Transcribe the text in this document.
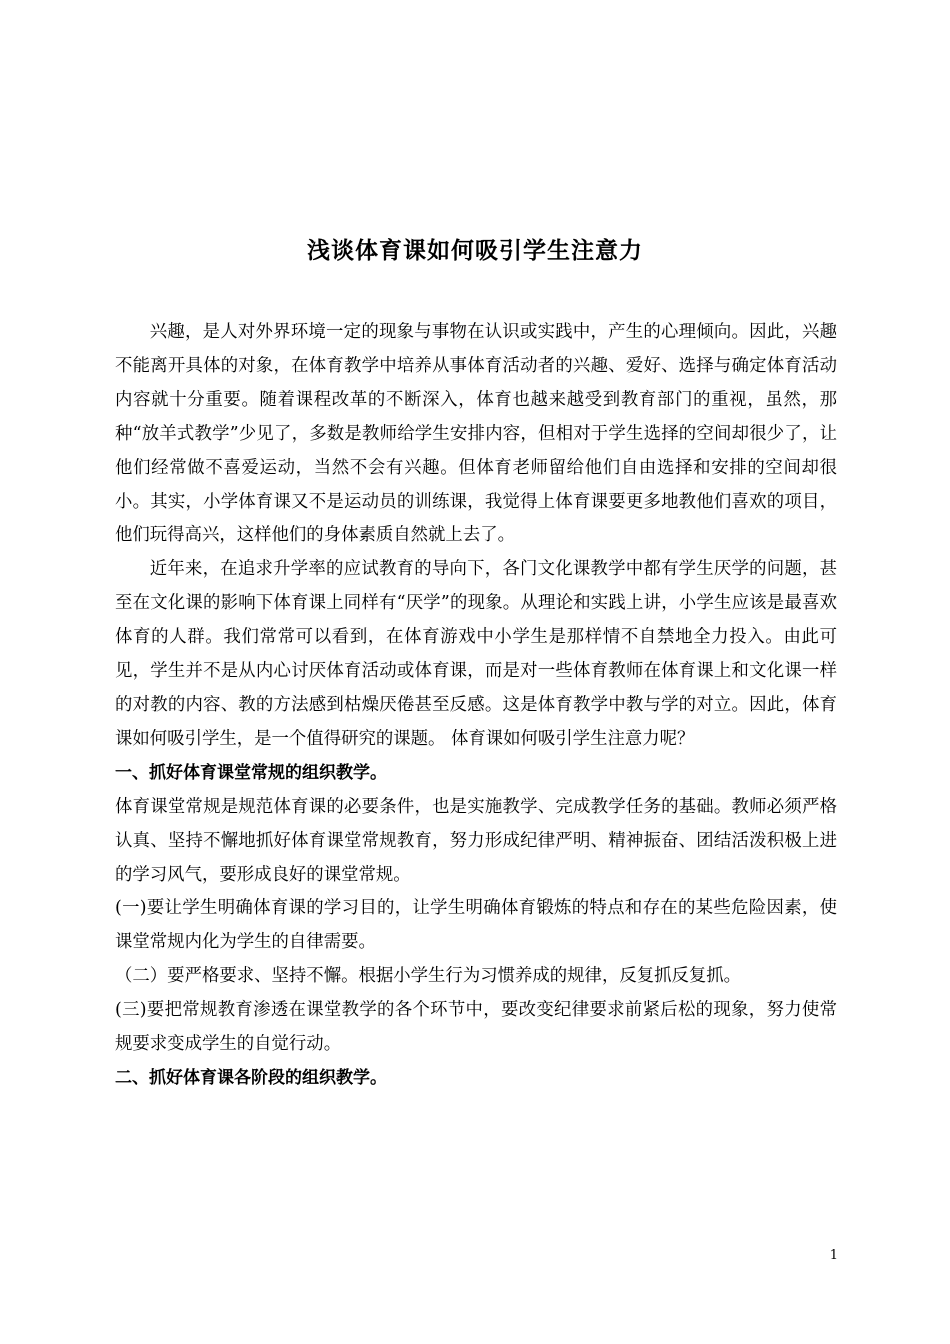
浅谈体育课如何吸引学生注意力

兴趣，是人对外界环境一定的现象与事物在认识或实践中，产生的心理倾向。因此，兴趣不能离开具体的对象，在体育教学中培养从事体育活动者的兴趣、爱好、选择与确定体育活动内容就十分重要。随着课程改革的不断深入，体育也越来越受到教育部门的重视，虽然，那种“放羊式教学”少见了，多数是教师给学生安排内容，但相对于学生选择的空间却很少了，让他们经常做不喜爱运动，当然不会有兴趣。但体育老师留给他们自由选择和安排的空间却很小。其实，小学体育课又不是运动员的训练课，我觉得上体育课要更多地教他们喜欢的项目，他们玩得高兴，这样他们的身体素质自然就上去了。

近年来，在追求升学率的应试教育的导向下，各门文化课教学中都有学生厌学的问题，甚至在文化课的影响下体育课上同样有“厌学”的现象。从理论和实践上讲，小学生应该是最喜欢体育的人群。我们常常可以看到，在体育游戏中小学生是那样情不自禁地全力投入。由此可见，学生并不是从内心讨厌体育活动或体育课，而是对一些体育教师在体育课上和文化课一样的对教的内容、教的方法感到枯燥厌倦甚至反感。这是体育教学中教与学的对立。因此，体育课如何吸引学生，是一个值得研究的课题。 体育课如何吸引学生注意力呢？

一、抓好体育课堂常规的组织教学。

体育课堂常规是规范体育课的必要条件，也是实施教学、完成教学任务的基础。教师必须严格认真、坚持不懈地抓好体育课堂常规教育，努力形成纪律严明、精神振奋、团结活泼积极上进的学习风气，要形成良好的课堂常规。

(一)要让学生明确体育课的学习目的，让学生明确体育锻炼的特点和存在的某些危险因素，使课堂常规内化为学生的自律需要。

（二）要严格要求、坚持不懈。根据小学生行为习惯养成的规律，反复抓反复抓。

(三)要把常规教育渗透在课堂教学的各个环节中，要改变纪律要求前紧后松的现象，努力使常规要求变成学生的自觉行动。

二、抓好体育课各阶段的组织教学。

1
